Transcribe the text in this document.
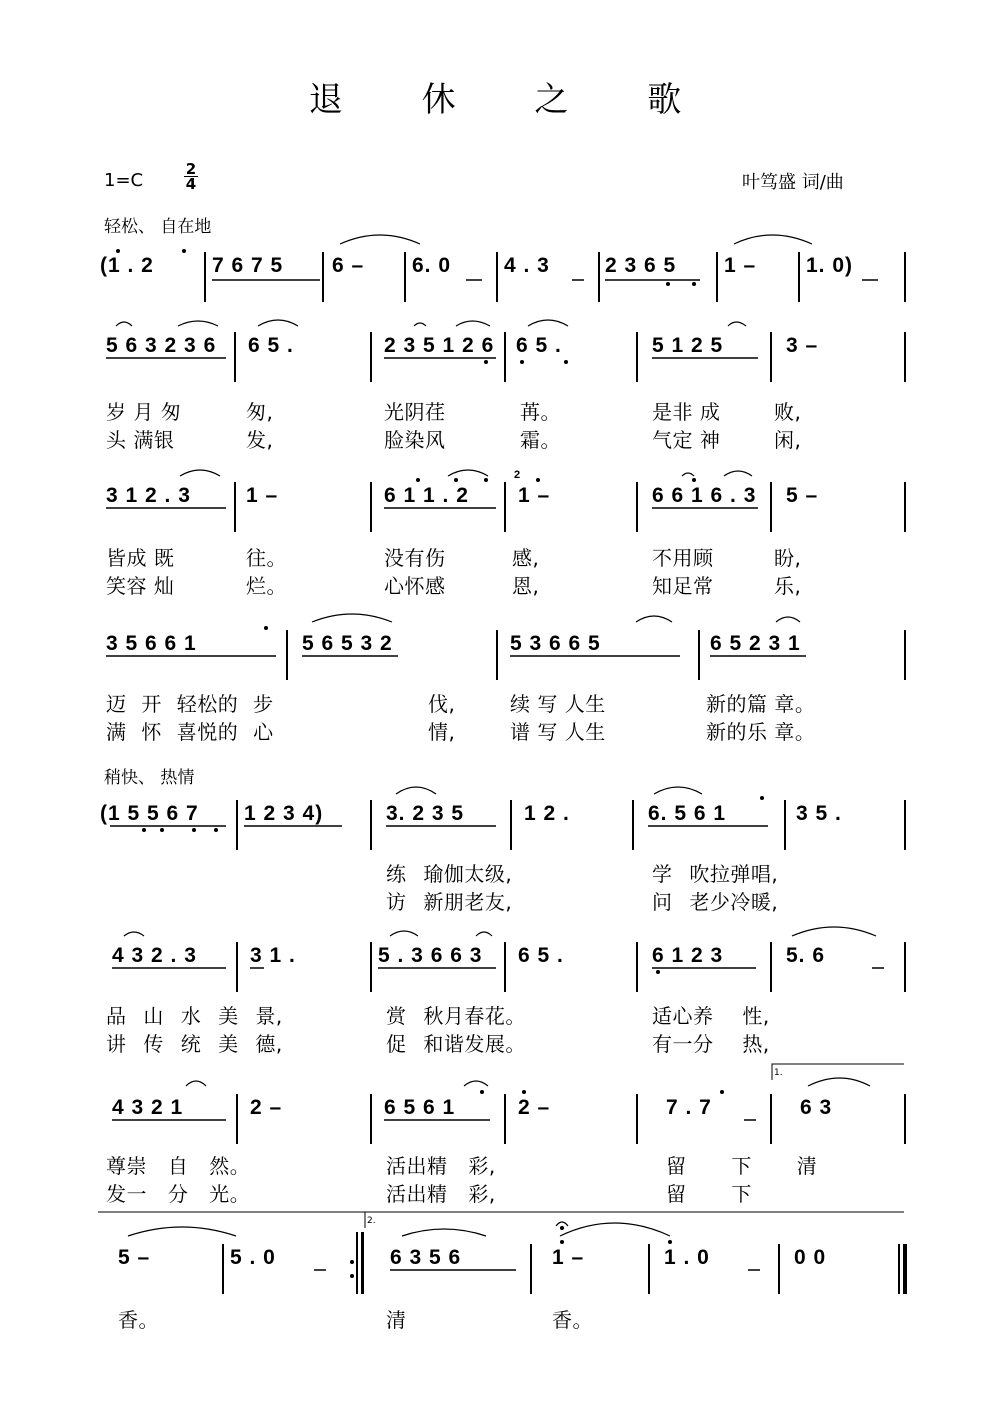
退 休 之 歌
1=C
2
4	叶笃盛 词/曲
轻松、 自在地
稍快、 热情
(1 . 2	7 6 7 5 6 – 6. 0	4 . 3	2 3 6 5 1 – 1. 0)
5 6 3 2 3 6 6 5 .	2 3 5 1 2 6 6 5 .	5 1 2 5	3 –
岁 月 匆	匆,	光阴荏	苒。	是非 成	败,
头 满银	发,	脸染风	霜。	气定 神	闲,
3 1 2 . 3	1 –	6 1 1 . 2 1 –	6 6 1 6 . 3 5 –
皆成 既	往。	没有伤	感,	不用顾	盼,
笑容 灿	烂。	心怀感	恩,	知足常	乐,
3 5 6 6 1	5 6 5 3 2	5 3 6 6 5	6 5 2 3 1
迈 开 轻松的 步	伐,	续 写 人生	新的篇 章。
满 怀 喜悦的 心	情,	谱 写 人生	新的乐 章。
(1 5 5 6 7 1 2 3 4)	3. 2 3 5	1 2 .	6. 5 6 1	3 5 .
练 瑜伽太级,	学 吹拉弹唱,
访 新朋老友,	问 老少冷暖,
4 3 2 . 3	3 1 .	5 . 3 6 6 3 6 5 .	6 1 2 3	5. 6
品 山 水 美 景,	赏 秋月春花。	适心养 性,
讲 传 统 美 德,	促 和谐发展。	有一分 热,
4 3 2 1	2 –	6 5 6 1	2 –	7 . 7	6 3
尊崇 自 然。	活出精 彩,	留 下 清
发一 分 光。	活出精 彩,	留 下
5 –	5 . 0	6 3 5 6	1 –	1 . 0	0 0
香。	清	香。
1.
2.
2
